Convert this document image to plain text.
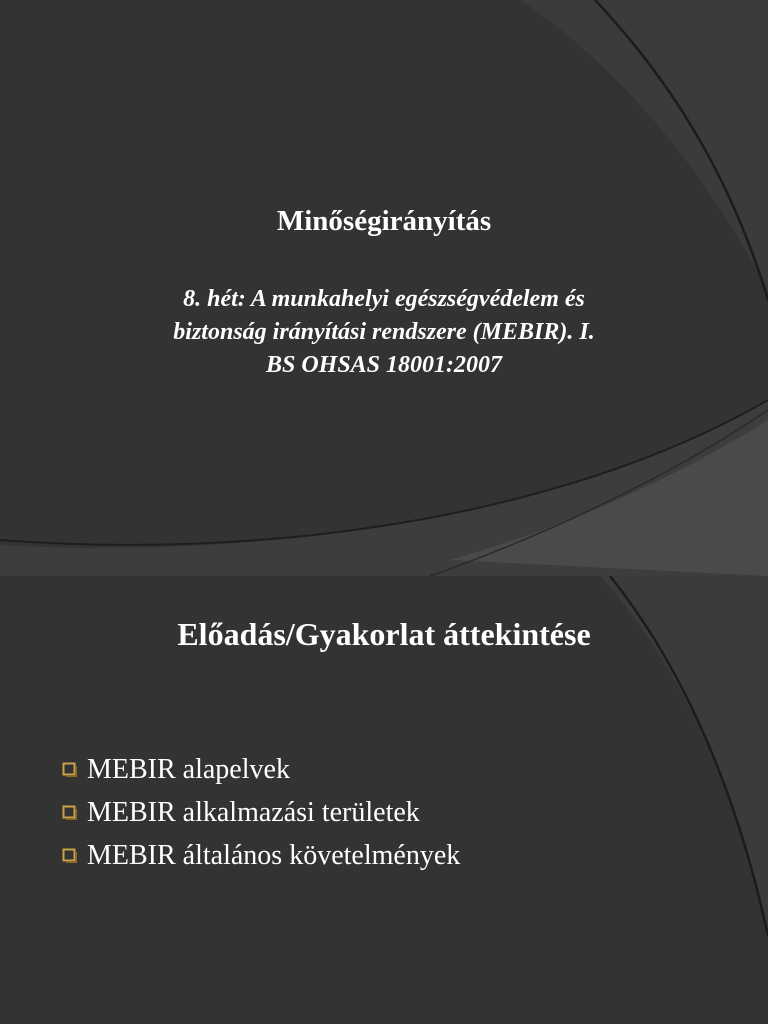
Minőségirányítás

8. hét: A munkahelyi egészségvédelem és
biztonság irányítási rendszere (MEBIR). I.
BS OHSAS 18001:2007

Előadás/Gyakorlat áttekintése
MEBIR alapelvek
MEBIR alkalmazási területek
MEBIR általános követelmények
